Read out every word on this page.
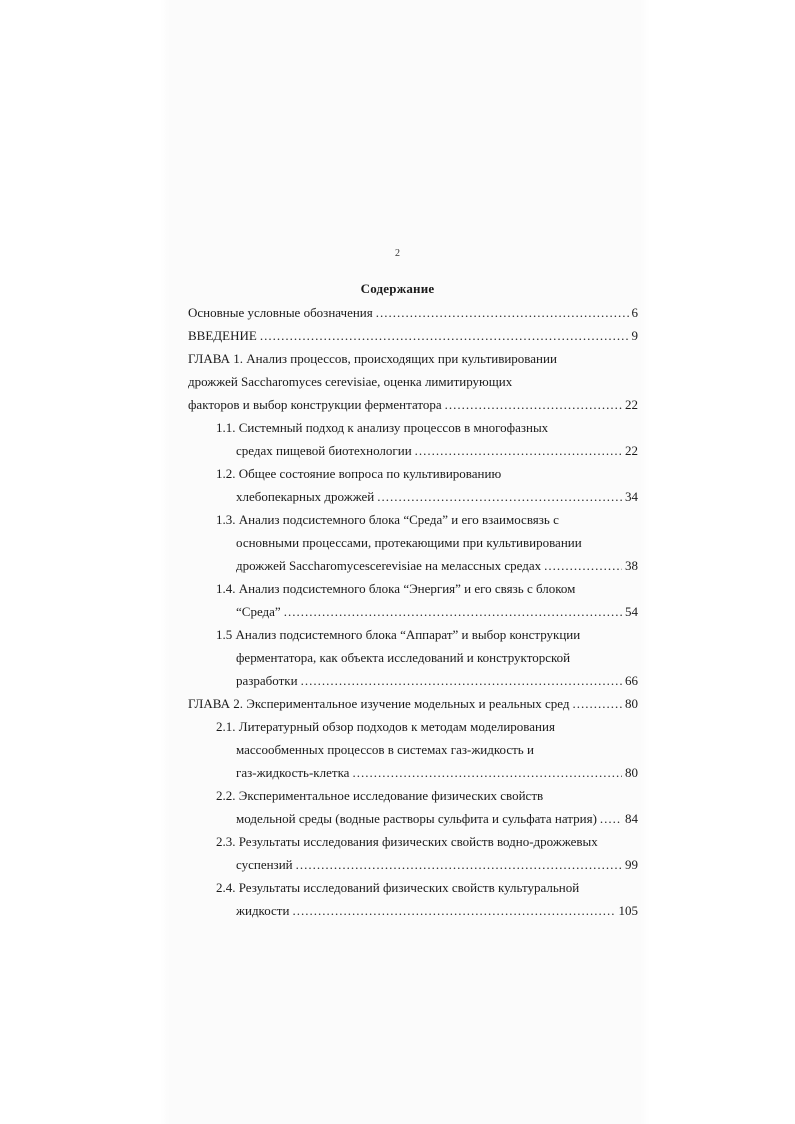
2
Содержание
Основные условные обозначения .....	6
ВВЕДЕНИЕ .....	9
ГЛАВА 1. Анализ процессов, происходящих при культивировании
дрожжей Saccharomyces cerevisiae, оценка лимитирующих
факторов и выбор конструкции ферментатора .....	22
1.1. Системный подход к анализу процессов в многофазных
средах пищевой биотехнологии .....	22
1.2. Общее состояние вопроса по культивированию
хлебопекарных дрожжей .....	34
1.3. Анализ подсистемного блока “Среда” и его взаимосвязь с
основными процессами, протекающими при культивировании
дрожжей Saccharomycescerevisiae на мелассных средах .....	38
1.4. Анализ подсистемного блока “Энергия” и его связь с блоком
“Среда” .....	54
1.5 Анализ подсистемного блока “Аппарат” и выбор конструкции
ферментатора, как объекта исследований и конструкторской
разработки .....	66
ГЛАВА 2. Экспериментальное изучение модельных и реальных сред .....	80
2.1. Литературный обзор подходов к методам моделирования
массообменных процессов в системах газ-жидкость и
газ-жидкость-клетка .....	80
2.2. Экспериментальное исследование физических свойств
модельной среды (водные растворы сульфита и сульфата натрия) ..... 84
2.3. Результаты исследования физических свойств водно-дрожжевых
суспензий .....	99
2.4. Результаты исследований физических свойств культуральной
жидкости .....	105
